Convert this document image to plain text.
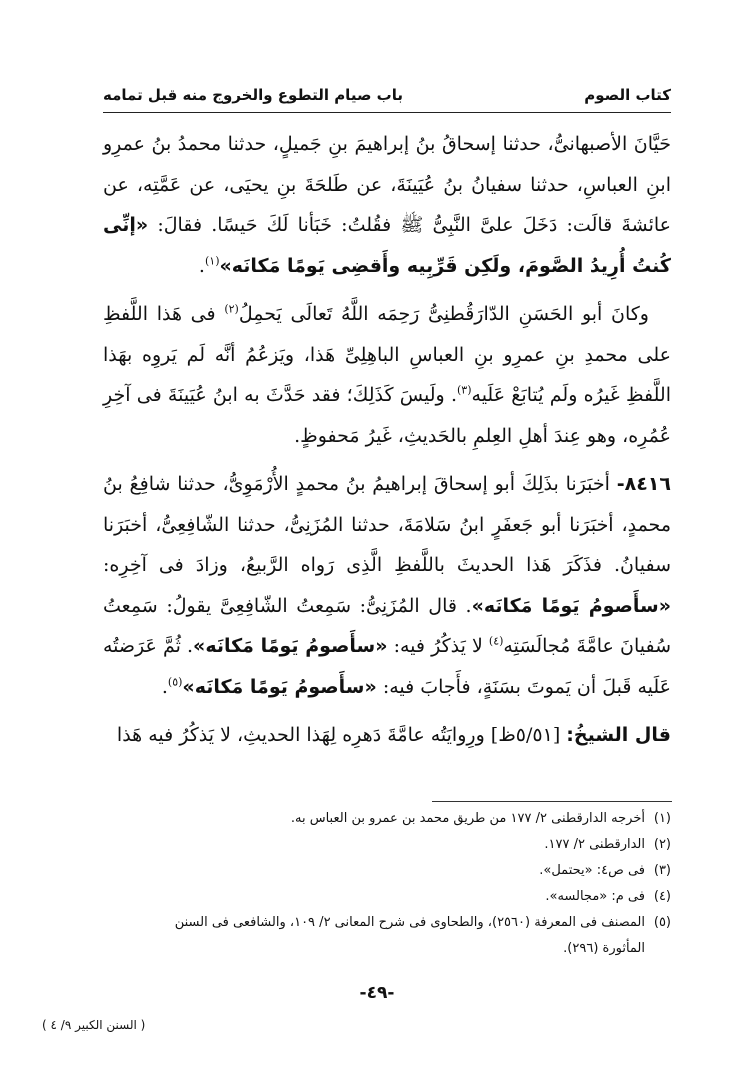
كتاب الصوم
باب صيام التطوع والخروج منه قبل تمامه

حَيَّانَ الأصبهانىُّ، حدثنا إسحاقُ بنُ إبراهيمَ بنِ جَميلٍ، حدثنا محمدُ بنُ عمرِو ابنِ العباسِ، حدثنا سفيانُ بنُ عُيَينَةَ، عن طَلحَةَ بنِ يحيَى، عن عَمَّتِه، عن عائشةَ قالَت: دَخَلَ علىَّ النَّبِىُّ ﷺ فقُلتُ: خَبَأنا لَكَ حَيسًا. فقالَ: «إنِّى كُنتُ أُرِيدُ الصَّومَ، ولَكِن قَرِّبِيه وأَقضِى يَومًا مَكانَه»$^{(١)}$.

وكانَ أبو الحَسَنِ الدّارَقُطنِىُّ رَحِمَه اللَّهُ تَعالَى يَحمِلُ$^{(٢)}$ فى هَذا اللَّفظِ على محمدِ بنِ عمرِو بنِ العباسِ الباهِلِىِّ هَذا، ويَزعُمُ أنَّه لَم يَروِه بهَذا اللَّفظِ غَيرُه ولَم يُتابَعْ عَلَيه$^{(٣)}$. ولَيسَ كَذَلِكَ؛ فقد حَدَّثَ به ابنُ عُيَينَةَ فى آخِرِ عُمُرِه، وهو عِندَ أهلِ العِلمِ بالحَديثِ، غَيرُ مَحفوظٍ.

٨٤١٦- أخبَرَنا بذَلِكَ أبو إسحاقَ إبراهيمُ بنُ محمدٍ الأُرْمَوِىُّ، حدثنا شافِعُ بنُ محمدٍ، أخبَرَنا أبو جَعفَرٍ ابنُ سَلامَةَ، حدثنا المُزَنِىُّ، حدثنا الشّافِعِىُّ، أخبَرَنا سفيانُ. فذَكَرَ هَذا الحديثَ باللَّفظِ الَّذِى رَواه الرَّبيعُ، وزادَ فى آخِرِه: «سأَصومُ يَومًا مَكانَه». قال المُزَنِىُّ: سَمِعتُ الشّافِعِىَّ يقولُ: سَمِعتُ سُفيانَ عامَّةَ مُجالَسَتِه$^{(٤)}$ لا يَذكُرُ فيه: «سأَصومُ يَومًا مَكانَه». ثُمَّ عَرَضتُه عَلَيه قَبلَ أن يَموتَ بسَنَةٍ، فأَجابَ فيه: «سأَصومُ يَومًا مَكانَه»$^{(٥)}$.

قال الشيخُ: [٥/٥١ظ] ورِوايَتُه عامَّةَ دَهرِه لِهَذا الحديثِ، لا يَذكُرُ فيه هَذا

(١)أخرجه الدارقطنى ٢/ ١٧٧ من طريق محمد بن عمرو بن العباس به.

(٢)الدارقطنى ٢/ ١٧٧.

(٣)فى ص٤: «يحتمل».

(٤)فى م: «مجالسه».

(٥)المصنف فى المعرفة (٢٥٦٠)، والطحاوى فى شرح المعانى ٢/ ١٠٩، والشافعى فى السنن
المأثورة (٢٩٦).

-٤٩-
( السنن الكبير ٩/ ٤ )
